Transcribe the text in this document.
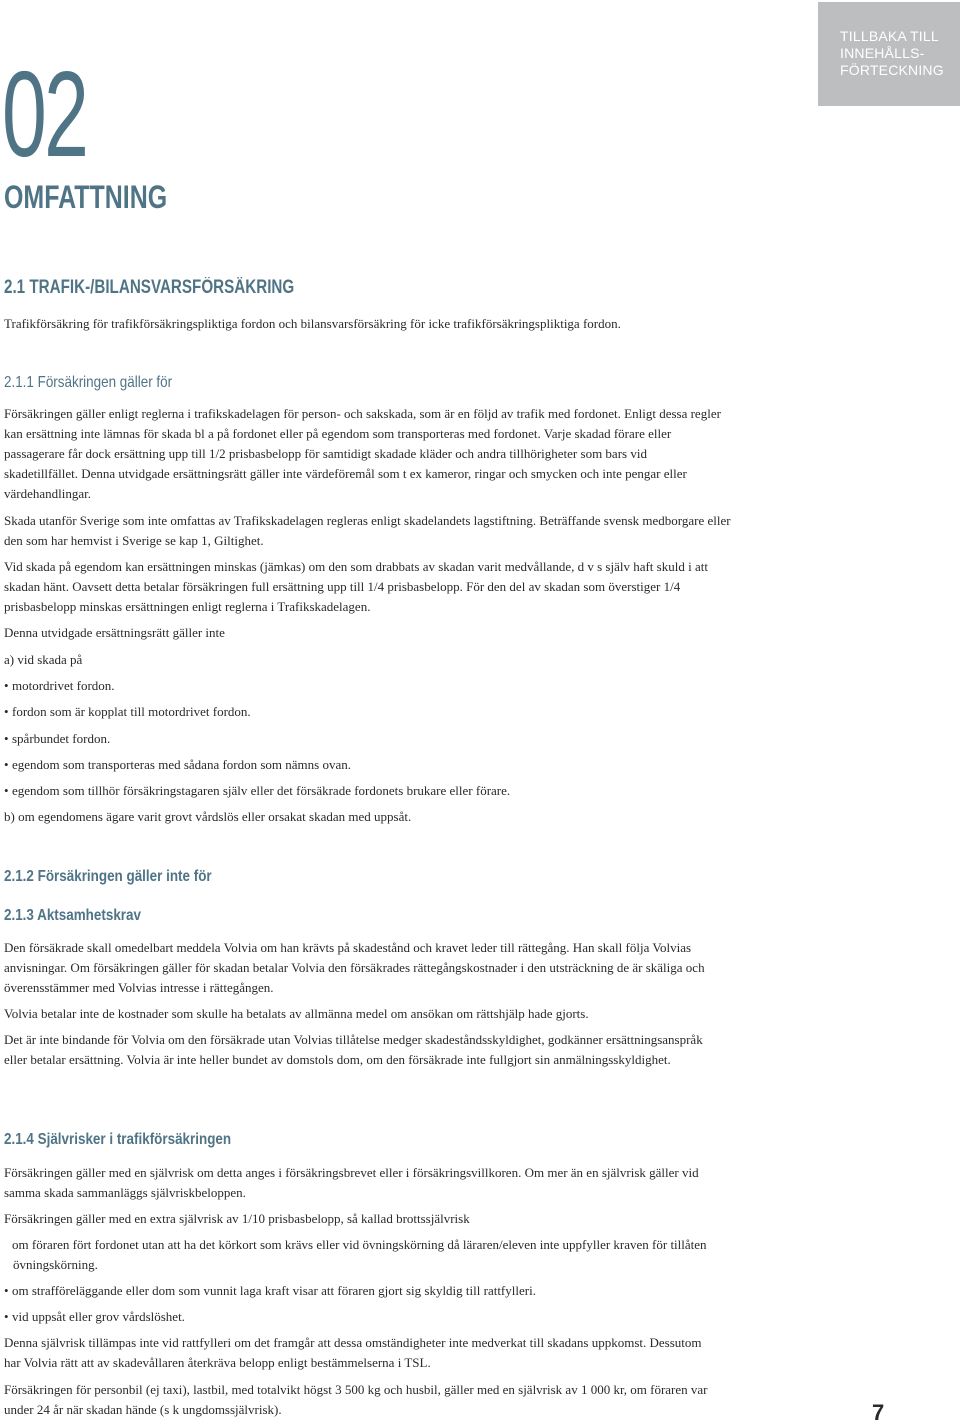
TILLBAKA TILL
INNEHÅLLS-
FÖRTECKNING
02
OMFATTNING
2.1 TRAFIK-/BILANSVARSFÖRSÄKRING
Trafikförsäkring för trafikförsäkringspliktiga fordon och bilansvarsförsäkring för icke trafikförsäkringspliktiga fordon.
2.1.1 Försäkringen gäller för
Försäkringen gäller enligt reglerna i trafikskadelagen för person- och sakskada, som är en följd av trafik med fordonet. Enligt dessa regler kan ersättning inte lämnas för skada bl a på fordonet eller på egendom som transporteras med fordonet. Varje skadad förare eller passagerare får dock ersättning upp till 1/2 prisbasbelopp för samtidigt skadade kläder och andra tillhörigheter som bars vid skadetillfället. Denna utvidgade ersättningsrätt gäller inte värdeföremål som t ex kameror, ringar och smycken och inte pengar eller värdehandlingar.
Skada utanför Sverige som inte omfattas av Trafikskadelagen regleras enligt skadelandets lagstiftning. Beträffande svensk medborgare eller den som har hemvist i Sverige se kap 1, Giltighet.
Vid skada på egendom kan ersättningen minskas (jämkas) om den som drabbats av skadan varit medvållande, d v s själv haft skuld i att skadan hänt. Oavsett detta betalar försäkringen full ersättning upp till 1/4 prisbasbelopp. För den del av skadan som överstiger 1/4 prisbasbelopp minskas ersättningen enligt reglerna i Trafikskadelagen.
Denna utvidgade ersättningsrätt gäller inte
a) vid skada på
• motordrivet fordon.
• fordon som är kopplat till motordrivet fordon.
• spårbundet fordon.
• egendom som transporteras med sådana fordon som nämns ovan.
• egendom som tillhör försäkringstagaren själv eller det försäkrade fordonets brukare eller förare.
b) om egendomens ägare varit grovt vårdslös eller orsakat skadan med uppsåt.
2.1.2 Försäkringen gäller inte för
2.1.3 Aktsamhetskrav
Den försäkrade skall omedelbart meddela Volvia om han krävts på skadestånd och kravet leder till rättegång. Han skall följa Volvias anvisningar. Om försäkringen gäller för skadan betalar Volvia den försäkrades rättegångskostnader i den utsträckning de är skäliga och överensstämmer med Volvias intresse i rättegången.
Volvia betalar inte de kostnader som skulle ha betalats av allmänna medel om ansökan om rättshjälp hade gjorts.
Det är inte bindande för Volvia om den försäkrade utan Volvias tillåtelse medger skadeståndsskyldighet, godkänner ersättningsanspråk eller betalar ersättning. Volvia är inte heller bundet av domstols dom, om den försäkrade inte fullgjort sin anmälningsskyldighet.
2.1.4 Självrisker i trafikförsäkringen
Försäkringen gäller med en självrisk om detta anges i försäkringsbrevet eller i försäkringsvillkoren. Om mer än en självrisk gäller vid samma skada sammanläggs självriskbeloppen.
Försäkringen gäller med en extra självrisk av 1/10 prisbasbelopp, så kallad brottssjälvrisk
om föraren fört fordonet utan att ha det körkort som krävs eller vid övningskörning då läraren/eleven inte uppfyller kraven för tillåten övningskörning.
• om strafföreläggande eller dom som vunnit laga kraft visar att föraren gjort sig skyldig till rattfylleri.
• vid uppsåt eller grov vårdslöshet.
Denna självrisk tillämpas inte vid rattfylleri om det framgår att dessa omständigheter inte medverkat till skadans uppkomst. Dessutom har Volvia rätt att av skadevållaren återkräva belopp enligt bestämmelserna i TSL.
Försäkringen för personbil (ej taxi), lastbil, med totalvikt högst 3 500 kg och husbil, gäller med en självrisk av 1 000 kr, om föraren var under 24 år när skadan hände (s k ungdomssjälvrisk).	7
